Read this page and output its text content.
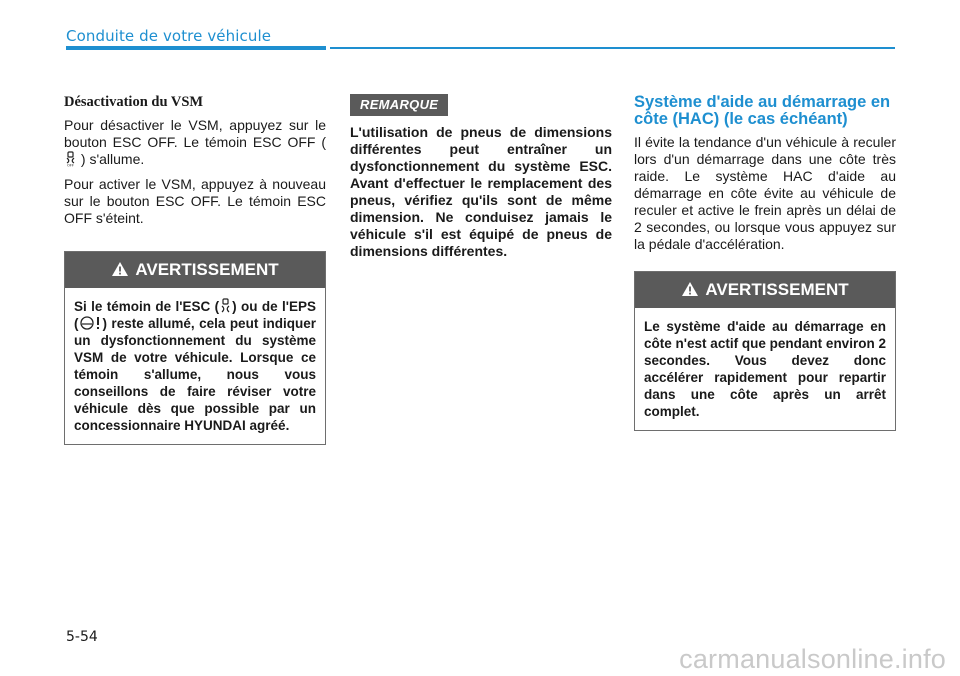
Conduite de votre véhicule
Désactivation du VSM

Pour désactiver le VSM, appuyez sur le bouton ESC OFF. Le témoin ESC OFF (
OFF ) s'allume.

Pour activer le VSM, appuyez à nouveau sur le bouton ESC OFF. Le témoin ESC OFF s'éteint.

AVERTISSEMENT
Si le témoin de l'ESC ( ) ou de l'EPS ( ) reste allumé, cela peut indiquer un dysfonctionnement du système VSM de votre véhicule. Lorsque ce témoin s'allume, nous vous conseillons de faire réviser votre véhicule dès que possible par un concessionnaire HYUNDAI agréé.
REMARQUE

L'utilisation de pneus de dimensions différentes peut entraîner un dysfonctionnement du système ESC. Avant d'effectuer le remplacement des pneus, vérifiez qu'ils sont de même dimension. Ne conduisez jamais le véhicule s'il est équipé de pneus de dimensions différentes.

Système d'aide au démarrage en côte (HAC) (le cas échéant)

Il évite la tendance d'un véhicule à reculer lors d'un démarrage dans une côte très raide. Le système HAC d'aide au démarrage en côte évite au véhicule de reculer et active le frein après un délai de 2 secondes, ou lorsque vous appuyez sur la pédale d'accélération.

AVERTISSEMENT
Le système d'aide au démarrage en côte n'est actif que pendant environ 2 secondes. Vous devez donc accélérer rapidement pour repartir dans une côte après un arrêt complet.
5-54
carmanualsonline.info
